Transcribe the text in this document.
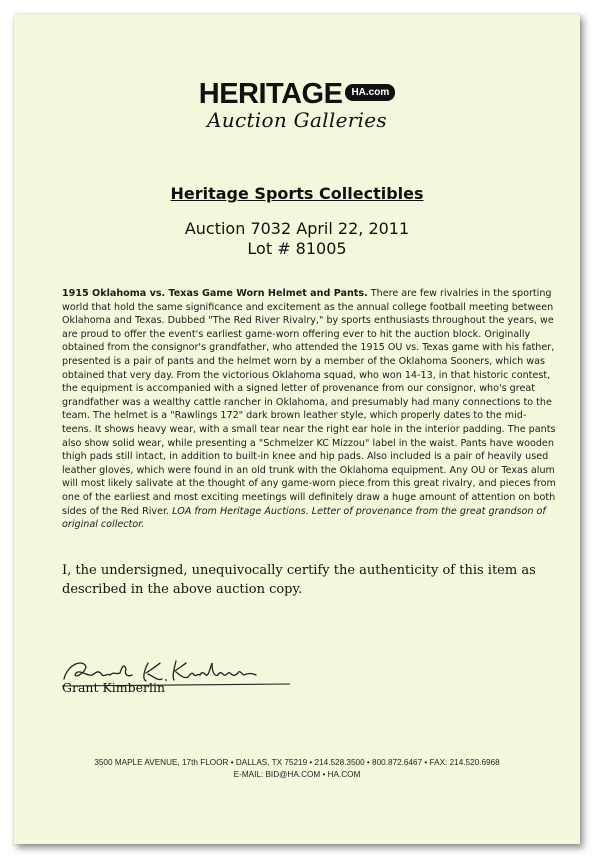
HERITAGE HA.com
Auction Galleries
Heritage Sports Collectibles
Auction 7032 April 22, 2011
Lot # 81005
1915 Oklahoma vs. Texas Game Worn Helmet and Pants. There are few rivalries in the sporting world that hold the same significance and excitement as the annual college football meeting between Oklahoma and Texas. Dubbed "The Red River Rivalry," by sports enthusiasts throughout the years, we are proud to offer the event's earliest game-worn offering ever to hit the auction block. Originally obtained from the consignor's grandfather, who attended the 1915 OU vs. Texas game with his father, presented is a pair of pants and the helmet worn by a member of the Oklahoma Sooners, which was obtained that very day. From the victorious Oklahoma squad, who won 14-13, in that historic contest, the equipment is accompanied with a signed letter of provenance from our consignor, who's great grandfather was a wealthy cattle rancher in Oklahoma, and presumably had many connections to the team. The helmet is a "Rawlings 172" dark brown leather style, which properly dates to the mid-teens. It shows heavy wear, with a small tear near the right ear hole in the interior padding. The pants also show solid wear, while presenting a "Schmelzer KC Mizzou" label in the waist. Pants have wooden thigh pads still intact, in addition to built-in knee and hip pads. Also included is a pair of heavily used leather gloves, which were found in an old trunk with the Oklahoma equipment. Any OU or Texas alum will most likely salivate at the thought of any game-worn piece from this great rivalry, and pieces from one of the earliest and most exciting meetings will definitely draw a huge amount of attention on both sides of the Red River. LOA from Heritage Auctions. Letter of provenance from the great grandson of original collector.
I, the undersigned, unequivocally certify the authenticity of this item as described in the above auction copy.
Grant Kimberlin
3500 MAPLE AVENUE, 17th FLOOR • DALLAS, TX 75219 • 214.528.3500 • 800.872.6467 • FAX: 214.520.6968
E-MAIL: BID@HA.COM • HA.COM
